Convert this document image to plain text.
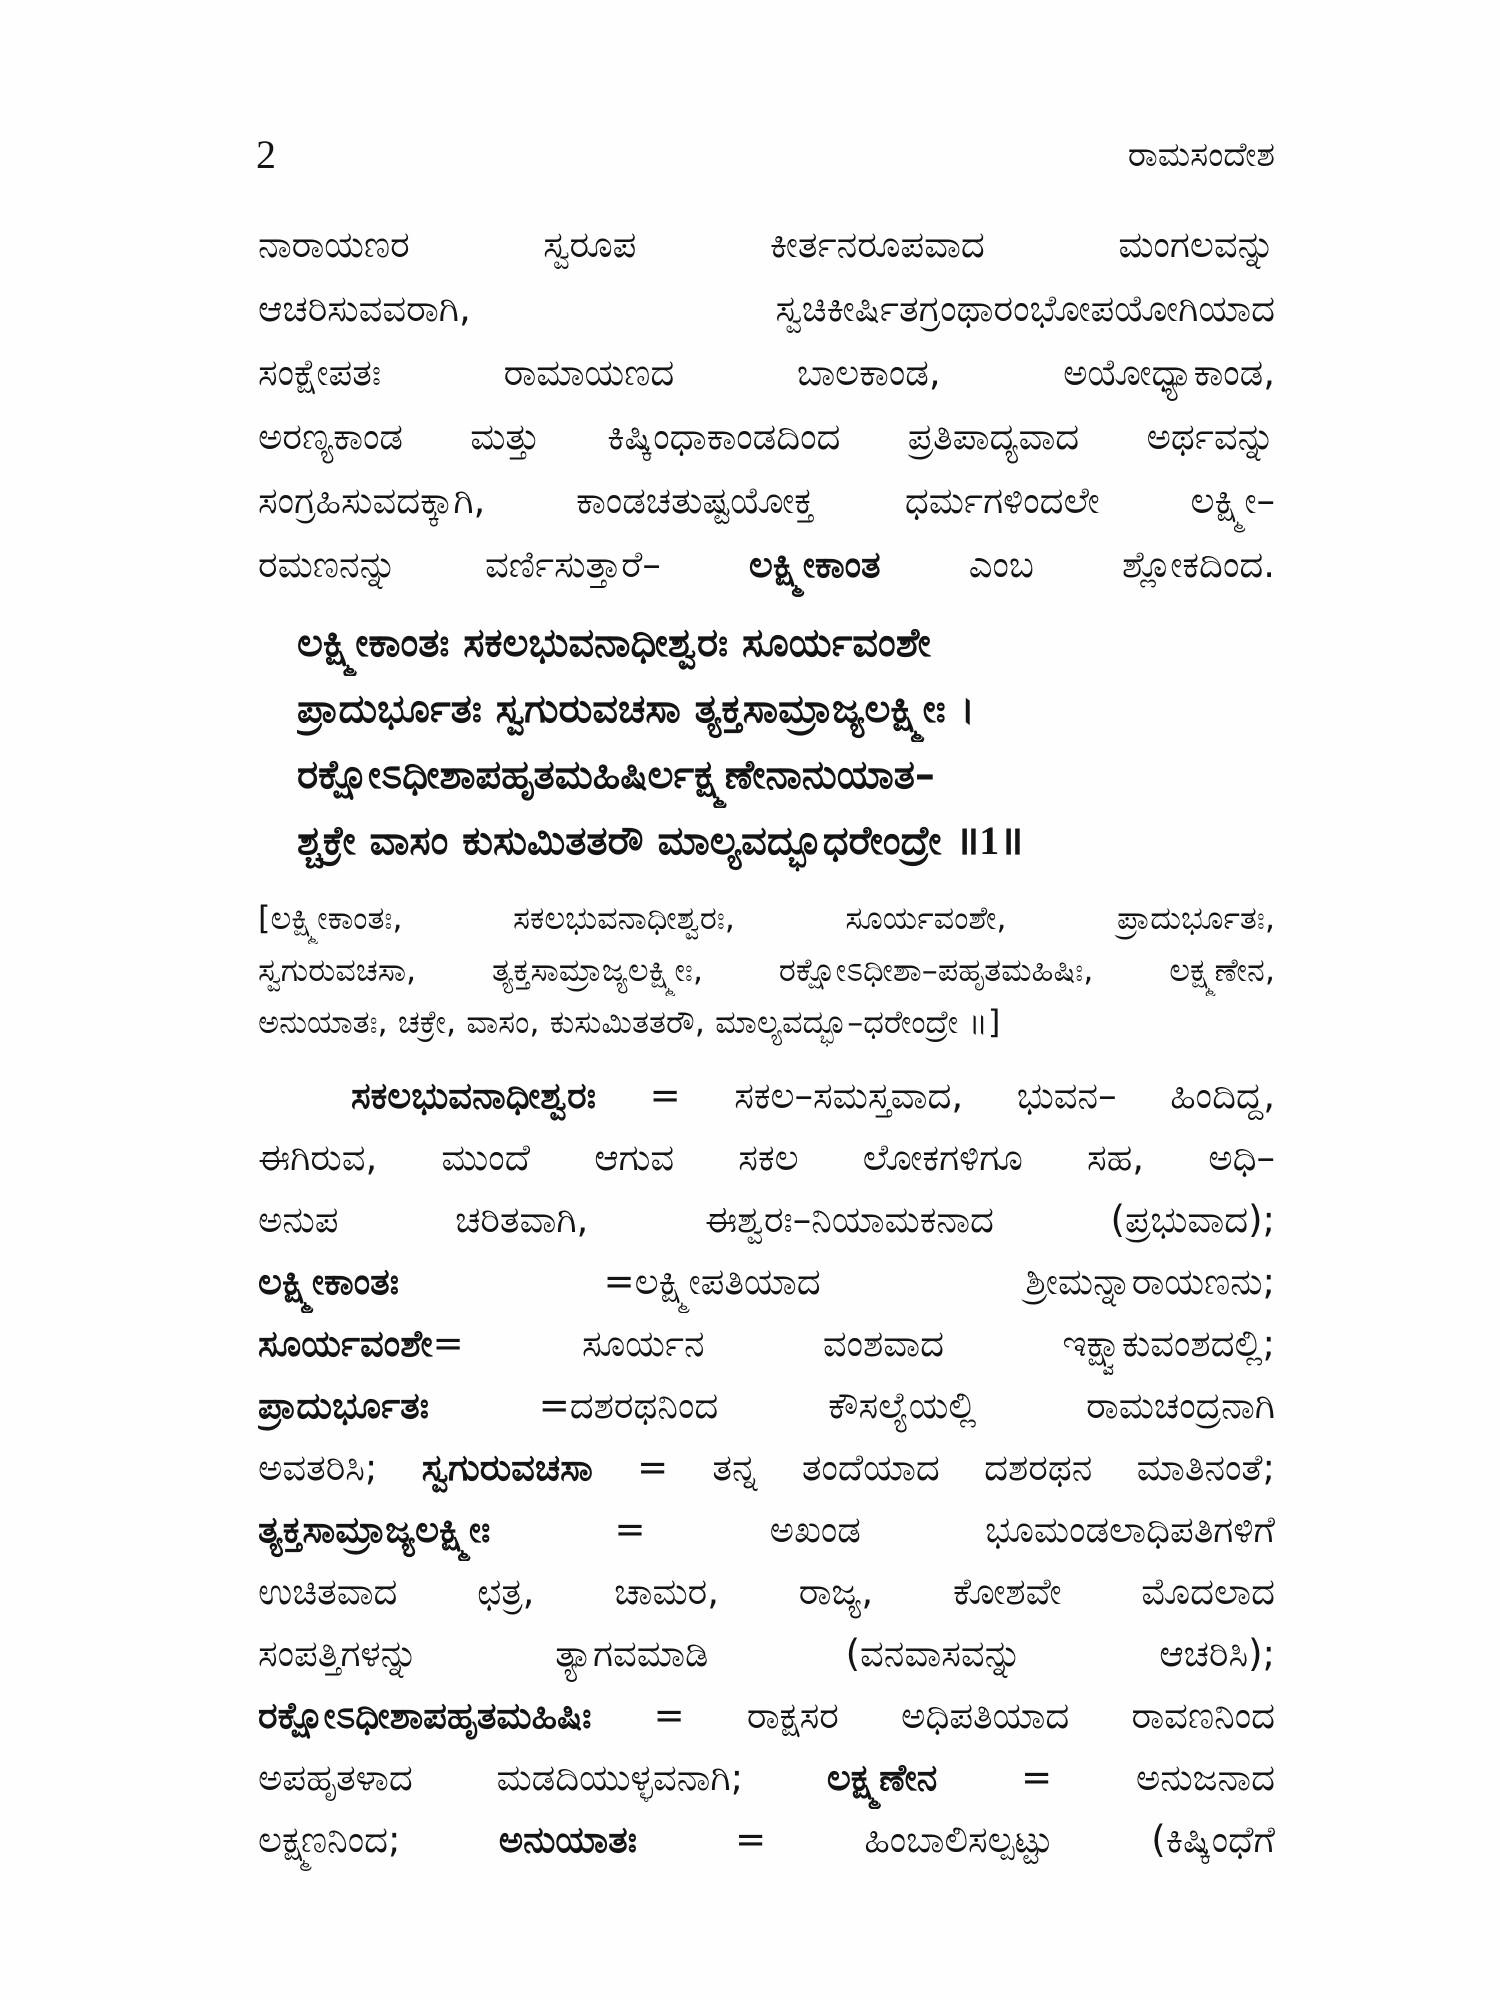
2	ರಾಮಸಂದೇಶ
ನಾರಾಯಣರ ಸ್ವರೂಪ ಕೀರ್ತನರೂಪವಾದ ಮಂಗಲವನ್ನು
ಆಚರಿಸುವವರಾಗಿ, ಸ್ವಚಿಕೀರ್ಷಿತಗ್ರಂಥಾರಂಭೋಪಯೋಗಿಯಾದ
ಸಂಕ್ಷೇಪತಃ ರಾಮಾಯಣದ ಬಾಲಕಾಂಡ, ಅಯೋಧ್ಯಾಕಾಂಡ,
ಅರಣ್ಯಕಾಂಡ ಮತ್ತು ಕಿಷ್ಕಿಂಧಾಕಾಂಡದಿಂದ ಪ್ರತಿಪಾದ್ಯವಾದ ಅರ್ಥವನ್ನು
ಸಂಗ್ರಹಿಸುವದಕ್ಕಾಗಿ, ಕಾಂಡಚತುಷ್ಟಯೋಕ್ತ ಧರ್ಮಗಳಿಂದಲೇ ಲಕ್ಷ್ಮೀ–
ರಮಣನನ್ನು ವರ್ಣಿಸುತ್ತಾರೆ– ಲಕ್ಷ್ಮೀಕಾಂತ ಎಂಬ ಶ್ಲೋಕದಿಂದ.
ಲಕ್ಷ್ಮೀಕಾಂತಃ ಸಕಲಭುವನಾಧೀಶ್ವರಃ ಸೂರ್ಯವಂಶೇ
ಪ್ರಾದುರ್ಭೂತಃ ಸ್ವಗುರುವಚಸಾ ತ್ಯಕ್ತಸಾಮ್ರಾಜ್ಯಲಕ್ಷ್ಮೀಃ ।
ರಕ್ಷೋಽಧೀಶಾಪಹೃತಮಹಿಷಿರ್ಲಕ್ಷ್ಮಣೇನಾನುಯಾತ–
ಶ್ಚಕ್ರೇ ವಾಸಂ ಕುಸುಮಿತತರೌ ಮಾಲ್ಯವದ್ಭೂಧರೇಂದ್ರೇ ॥1॥
[ಲಕ್ಷ್ಮೀಕಾಂತಃ, ಸಕಲಭುವನಾಧೀಶ್ವರಃ, ಸೂರ್ಯವಂಶೇ, ಪ್ರಾದುರ್ಭೂತಃ,
ಸ್ವಗುರುವಚಸಾ, ತ್ಯಕ್ತಸಾಮ್ರಾಜ್ಯಲಕ್ಷ್ಮೀಃ, ರಕ್ಷೋಽಧೀಶಾ–ಪಹೃತಮಹಿಷಿಃ, ಲಕ್ಷ್ಮಣೇನ,
ಅನುಯಾತಃ, ಚಕ್ರೇ, ವಾಸಂ, ಕುಸುಮಿತತರೌ, ಮಾಲ್ಯವದ್ಭೂ–ಧರೇಂದ್ರೇ ॥]
ಸಕಲಭುವನಾಧೀಶ್ವರಃ = ಸಕಲ–ಸಮಸ್ತವಾದ, ಭುವನ– ಹಿಂದಿದ್ದ,
ಈಗಿರುವ, ಮುಂದೆ ಆಗುವ ಸಕಲ ಲೋಕಗಳಿಗೂ ಸಹ, ಅಧಿ–
ಅನುಪ ಚರಿತವಾಗಿ, ಈಶ್ವರಃ–ನಿಯಾಮಕನಾದ (ಪ್ರಭುವಾದ);
ಲಕ್ಷ್ಮೀಕಾಂತಃ =ಲಕ್ಷ್ಮೀಪತಿಯಾದ ಶ್ರೀಮನ್ನಾರಾಯಣನು;
ಸೂರ್ಯವಂಶೇ= ಸೂರ್ಯನ ವಂಶವಾದ ಇಕ್ಷ್ವಾಕುವಂಶದಲ್ಲಿ;
ಪ್ರಾದುರ್ಭೂತಃ =ದಶರಥನಿಂದ ಕೌಸಲ್ಯೆಯಲ್ಲಿ ರಾಮಚಂದ್ರನಾಗಿ
ಅವತರಿಸಿ; ಸ್ವಗುರುವಚಸಾ = ತನ್ನ ತಂದೆಯಾದ ದಶರಥನ ಮಾತಿನಂತೆ;
ತ್ಯಕ್ತಸಾಮ್ರಾಜ್ಯಲಕ್ಷ್ಮೀಃ = ಅಖಂಡ ಭೂಮಂಡಲಾಧಿಪತಿಗಳಿಗೆ
ಉಚಿತವಾದ ಛತ್ರ, ಚಾಮರ, ರಾಜ್ಯ, ಕೋಶವೇ ಮೊದಲಾದ
ಸಂಪತ್ತಿಗಳನ್ನು ತ್ಯಾಗವಮಾಡಿ (ವನವಾಸವನ್ನು ಆಚರಿಸಿ);
ರಕ್ಷೋಽಧೀಶಾಪಹೃತಮಹಿಷಿಃ = ರಾಕ್ಷಸರ ಅಧಿಪತಿಯಾದ ರಾವಣನಿಂದ
ಅಪಹೃತಳಾದ ಮಡದಿಯುಳ್ಳವನಾಗಿ; ಲಕ್ಷ್ಮಣೇನ = ಅನುಜನಾದ
ಲಕ್ಷ್ಮಣನಿಂದ; ಅನುಯಾತಃ = ಹಿಂಬಾಲಿಸಲ್ಪಟ್ಟು (ಕಿಷ್ಕಿಂಧೆಗೆ
